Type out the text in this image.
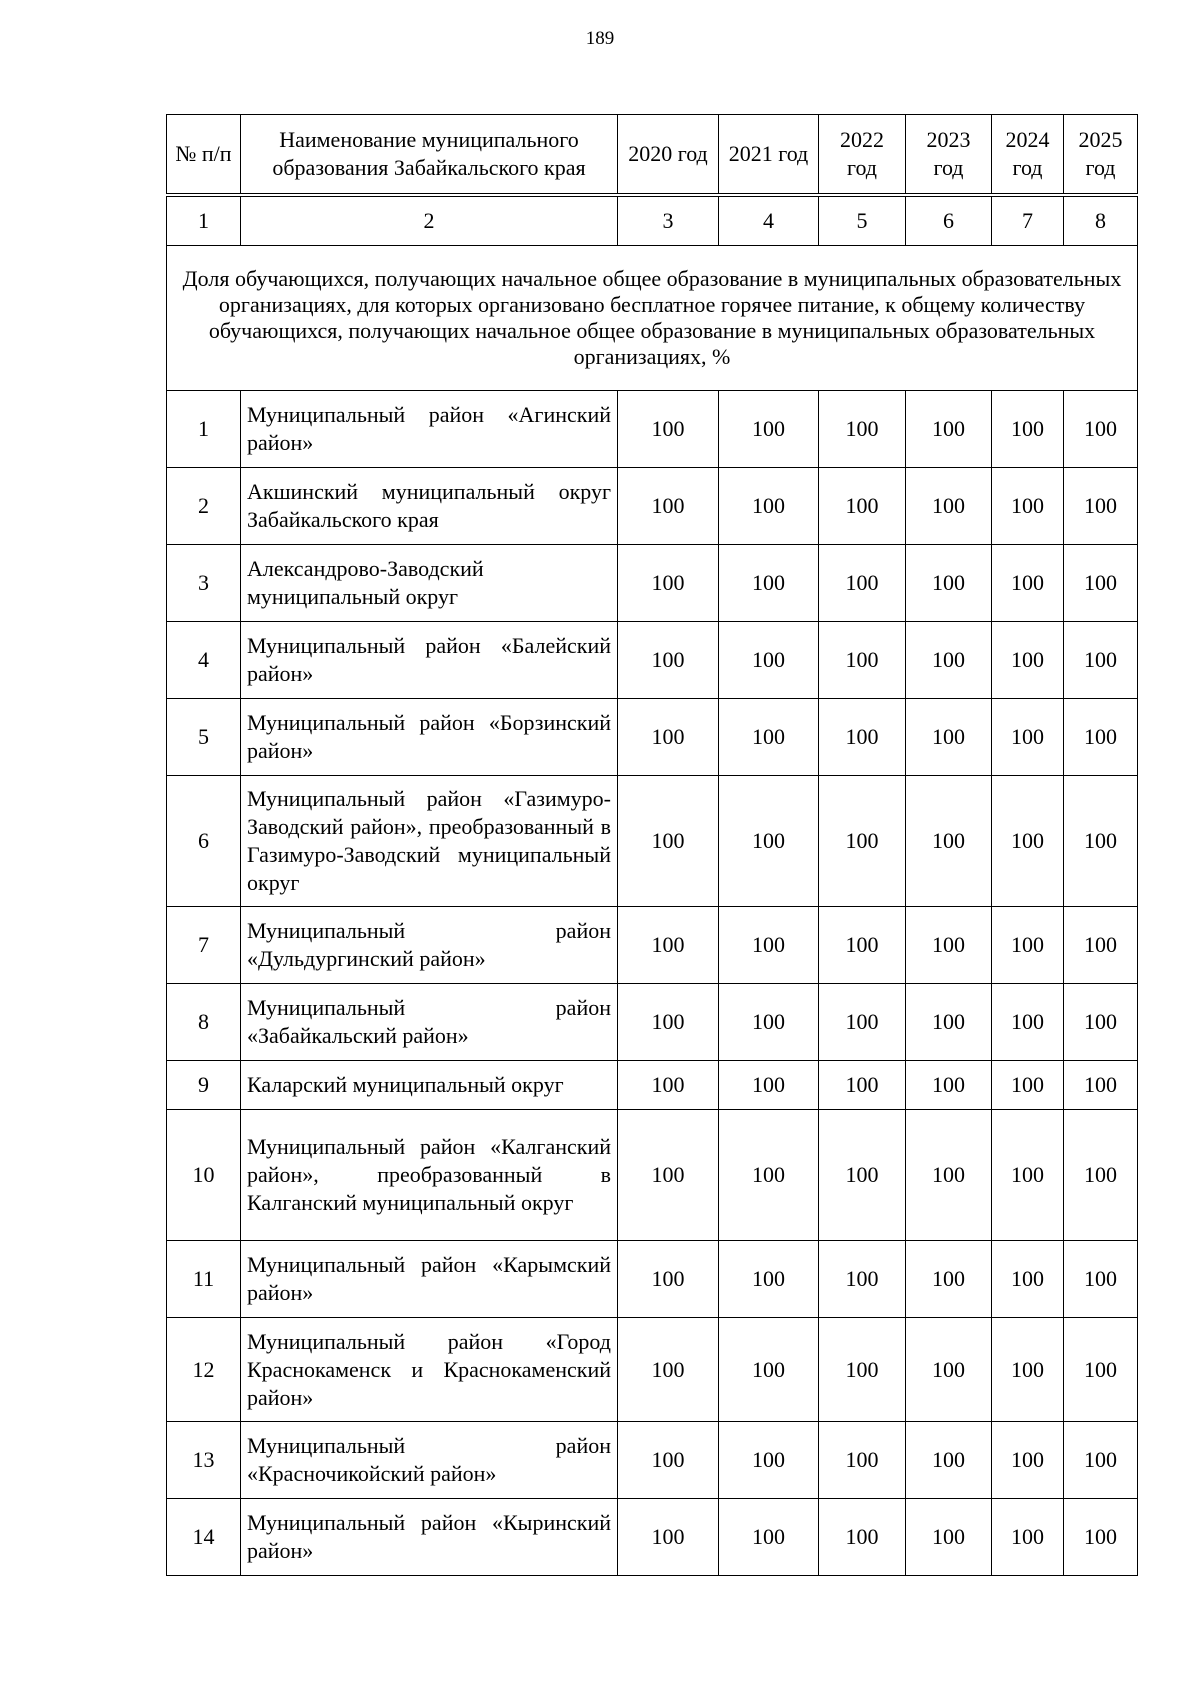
189
№ п/п	Наименование муниципального образования Забайкальского края	2020 год	2021 год	2022 год	2023 год	2024 год	2025 год
1	2	3	4	5	6	7	8
Доля обучающихся, получающих начальное общее образование в муниципальных образовательных организациях, для которых организовано бесплатное горячее питание, к общему количеству обучающихся, получающих начальное общее образование в муниципальных образовательных организациях, %							
1	Муниципальный район «Агинский район»	100	100	100	100	100	100
2	Акшинский муниципальный округ Забайкальского края	100	100	100	100	100	100
3	Александрово-Заводский муниципальный округ	100	100	100	100	100	100
4	Муниципальный район «Балейский район»	100	100	100	100	100	100
5	Муниципальный район «Борзинский район»	100	100	100	100	100	100
6	Муниципальный район «Газимуро-Заводский район», преобразованный в Газимуро-Заводский муниципальный округ	100	100	100	100	100	100
7	Муниципальный район «Дульдургинский район»	100	100	100	100	100	100
8	Муниципальный район «Забайкальский район»	100	100	100	100	100	100
9	Каларский муниципальный округ	100	100	100	100	100	100
10	Муниципальный район «Калганский район», преобразованный в Калганский муниципальный округ	100	100	100	100	100	100
11	Муниципальный район «Карымский район»	100	100	100	100	100	100
12	Муниципальный район «Город Краснокаменск и Краснокаменский район»	100	100	100	100	100	100
13	Муниципальный район «Красночикойский район»	100	100	100	100	100	100
14	Муниципальный район «Кыринский район»	100	100	100	100	100	100
